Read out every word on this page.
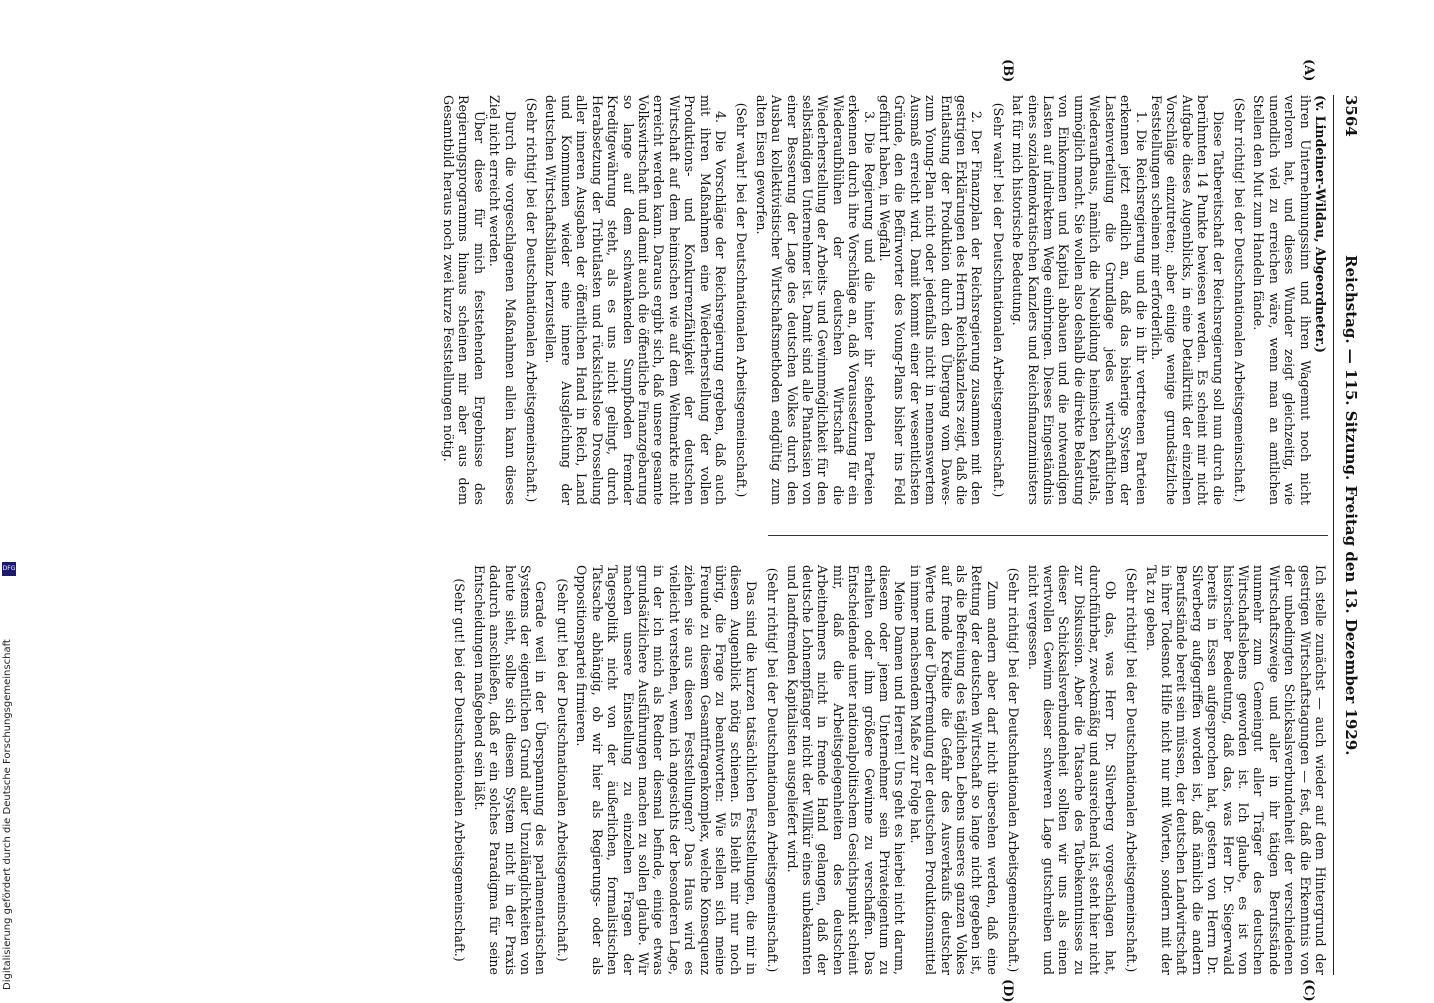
3564
Reichstag. — 115. Sitzung. Freitag den 13. Dezember 1929.
(A)
(B)
(C)
(D)

(v. Lindeiner-Wildau, Abgeordneter.)

ihren Unternehmungssinn und ihren Wagemut noch nicht verloren hat, und dieses Wunder zeigt gleichzeitig, wie unendlich viel zu erreichen wäre, wenn man an amtlichen Stellen den Mut zum Handeln fände.

(Sehr richtig! bei der Deutschnationalen Arbeitsgemeinschaft.)

Diese Tatbereitschaft der Reichsregierung soll nun durch die berühmten 14 Punkte bewiesen werden. Es scheint mir nicht Aufgabe dieses Augenblicks, in eine Detailkritik der einzelnen Vorschläge einzutreten; aber einige wenige grundsätzliche Feststellungen scheinen mir erforderlich.

1. Die Reichsregierung und die in ihr vertretenen Parteien erkennen jetzt endlich an, daß das bisherige System der Lastenverteilung die Grundlage jedes wirtschaftlichen Wiederaufbaus, nämlich die Neubildung heimischen Kapitals, unmöglich macht. Sie wollen also deshalb die direkte Belastung von Einkommen und Kapital abbauen und die notwendigen Lasten auf indirektem Wege einbringen. Dieses Eingeständnis eines sozialdemokratischen Kanzlers und Reichsfinanzministers hat für mich historische Bedeutung.

(Sehr wahr! bei der Deutschnationalen Arbeitsgemeinschaft.)

2. Der Finanzplan der Reichsregierung zusammen mit den gestrigen Erklärungen des Herrn Reichskanzlers zeigt, daß die Entlastung der Produktion durch den Übergang vom Dawes- zum Young-Plan nicht oder jedenfalls nicht in nennenswertem Ausmaß erreicht wird. Damit kommt einer der wesentlichsten Gründe, den die Befürworter des Young-Plans bisher ins Feld geführt haben, in Wegfall.

3. Die Regierung und die hinter ihr stehenden Parteien erkennen durch ihre Vorschläge an, daß Voraussetzung für ein Wiederaufblühen der deutschen Wirtschaft die Wiederherstellung der Arbeits- und Gewinnmöglichkeit für den selbständigen Unternehmer ist. Damit sind alle Phantasien von einer Besserung der Lage des deutschen Volkes durch den Ausbau kollektivistischer Wirtschaftsmethoden endgültig zum alten Eisen geworfen.

(Sehr wahr! bei der Deutschnationalen Arbeitsgemeinschaft.)

4. Die Vorschläge der Reichsregierung ergeben, daß auch mit ihren Maßnahmen eine Wiederherstellung der vollen Produktions- und Konkurrenzfähigkeit der deutschen Wirtschaft auf dem heimischen wie auf dem Weltmarkte nicht erreicht werden kann. Daraus ergibt sich, daß unsere gesamte Volkswirtschaft und damit auch die öffentliche Finanzgebarung so lange auf dem schwankenden Sumpfboden fremder Kreditgewährung steht, als es uns nicht gelingt, durch Herabsetzung der Tributlasten und rücksichtslose Drosselung aller inneren Ausgaben der öffentlichen Hand in Reich, Land und Kommunen wieder eine innere Ausgleichung der deutschen Wirtschaftsbilanz herzustellen.

(Sehr richtig! bei der Deutschnationalen Arbeitsgemeinschaft.)

Durch die vorgeschlagenen Maßnahmen allein kann dieses Ziel nicht erreicht werden.

Über diese für mich feststehenden Ergebnisse des Regierungsprogramms hinaus scheinen mir aber aus dem Gesamtbild heraus noch zwei kurze Feststellungen nötig.

Ich stelle zunächst — auch wieder auf dem Hintergrund der gestrigen Wirtschaftstagungen — fest, daß die Erkenntnis von der unbedingten Schicksalsverbundenheit der verschiedenen Wirtschaftszweige und aller in ihr tätigen Berufsstände nunmehr zum Gemeingut aller Träger des deutschen Wirtschaftslebens geworden ist. Ich glaube, es ist von historischer Bedeutung, daß das, was Herr Dr. Siegerwald bereits in Essen aufgesprochen hat, gestern von Herrn Dr. Silverberg aufgegriffen worden ist, daß nämlich die andern Berufsstände bereit sein müssen, der deutschen Landwirtschaft in ihrer Todesnot Hilfe nicht nur mit Worten, sondern mit der Tat zu geben.

(Sehr richtig! bei der Deutschnationalen Arbeitsgemeinschaft.)

Ob das, was Herr Dr. Silverberg vorgeschlagen hat, durchführbar, zweckmäßig und ausreichend ist, steht hier nicht zur Diskussion. Aber die Tatsache des Tatbekenntnisses zu dieser Schicksalsverbundenheit sollten wir uns als einen wertvollen Gewinn dieser schweren Lage gutschreiben und nicht vergessen.

(Sehr richtig! bei der Deutschnationalen Arbeitsgemeinschaft.)

Zum andern aber darf nicht übersehen werden, daß eine Rettung der deutschen Wirtschaft so lange nicht gegeben ist, als die Befreiung des täglichen Lebens unseres ganzen Volkes auf fremde Kredite die Gefahr des Ausverkaufs deutscher Werte und der Überfremdung der deutschen Produktionsmittel in immer machsendem Maße zur Folge hat.

Meine Damen und Herren! Uns geht es hierbei nicht darum, diesem oder jenem Unternehmer sein Privateigentum zu erhalten oder ihm größere Gewinne zu verschaffen. Das Entscheidende unter nationalpolitischem Gesichtspunkt scheint mir, daß die Arbeitsgelegenheiten des deutschen Arbeitnehmers nicht in fremde Hand gelangen, daß der deutsche Lohnempfänger nicht der Willkür eines unbekannten und landfremden Kapitalisten ausgeliefert wird.

(Sehr richtig! bei der Deutschnationalen Arbeitsgemeinschaft.)

Das sind die kurzen tatsächlichen Feststellungen, die mir in diesem Augenblick nötig schienen. Es bleibt mir nur noch übrig, die Frage zu beantworten: Wie stellen sich meine Freunde zu diesem Gesamtfragenkomplex, welche Konsequenz ziehen sie aus diesen Feststellungen? Das Haus wird es vielleicht verstehen, wenn ich angesichts der besonderen Lage, in der ich mich als Redner diesmal befinde, einige etwas grundsätzlichere Ausführungen machen zu sollen glaube. Wir machen unsere Einstellung zu einzelnen Fragen der Tagespolitik nicht von der äußerlichen, formalistischen Tatsache abhängig, ob wir hier als Regierungs- oder als Oppositionspartei firmieren.

(Sehr gut! bei der Deutschnationalen Arbeitsgemeinschaft.)

Gerade weil in der Überspannung des parlamentarischen Systems der eigentlichen Grund aller Unzulänglichkeiten von heute sieht, sollte sich diesem System nicht in der Praxis dadurch anschließen, daß er ein solches Paradigma für seine Entscheidungen maßgebend sein läßt.

(Sehr gut! bei der Deutschnationalen Arbeitsgemeinschaft.)

Digitalisierung gefördert durch die Deutsche Forschungsgemeinschaft
DFG
